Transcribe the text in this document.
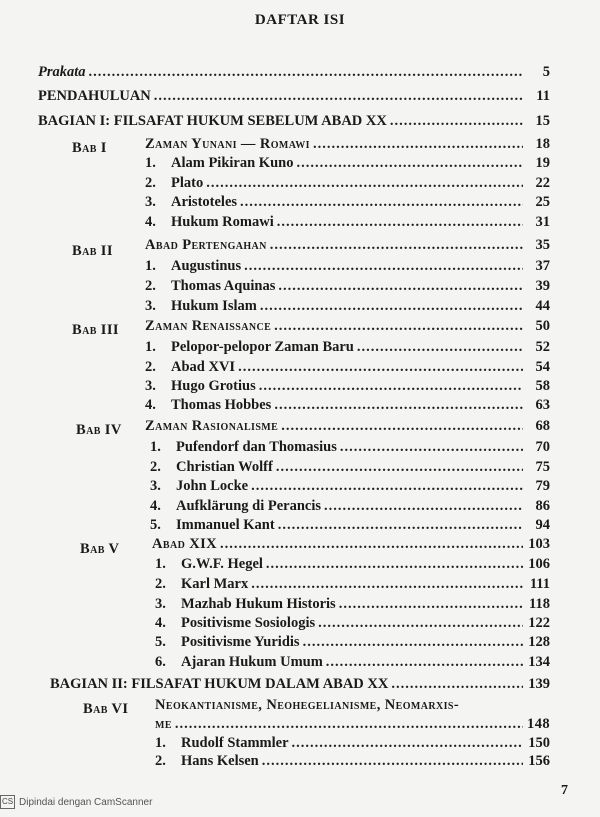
DAFTAR ISI
Prakata .....	5
PENDAHULUAN .....	11
BAGIAN I: FILSAFAT HUKUM SEBELUM ABAD XX .....	15
Bab I	Zaman Yunani — Romawi .....	18
1.	Alam Pikiran Kuno .....	19
2.	Plato .....	22
3.	Aristoteles .....	25
4.	Hukum Romawi .....	31
Bab II Abad Pertengahan .....	35
1.	Augustinus .....	37
2.	Thomas Aquinas .....	39
3.	Hukum Islam .....	44
Bab III Zaman Renaissance .....	50
1.	Pelopor-pelopor Zaman Baru .....	52
2.	Abad XVI .....	54
3.	Hugo Grotius .....	58
4.	Thomas Hobbes .....	63
Bab IV Zaman Rasionalisme .....	68
1.	Pufendorf dan Thomasius .....	70
2.	Christian Wolff .....	75
3.	John Locke .....	79
4.	Aufklärung di Perancis .....	86
5.	Immanuel Kant .....	94
Bab V Abad XIX .....	103
1.	G.W.F. Hegel .....	106
2.	Karl Marx .....	111
3.	Mazhab Hukum Historis .....	118
4.	Positivisme Sosiologis .....	122
5.	Positivisme Yuridis .....	128
6.	Ajaran Hukum Umum .....	134
BAGIAN II: FILSAFAT HUKUM DALAM ABAD XX .....	139
Bab VI Neokantianisme, Neohegelianisme, Neomarxis-
me .....	148
1.	Rudolf Stammler .....	150
2.	Hans Kelsen .....	156
7
CS Dipindai dengan CamScanner
